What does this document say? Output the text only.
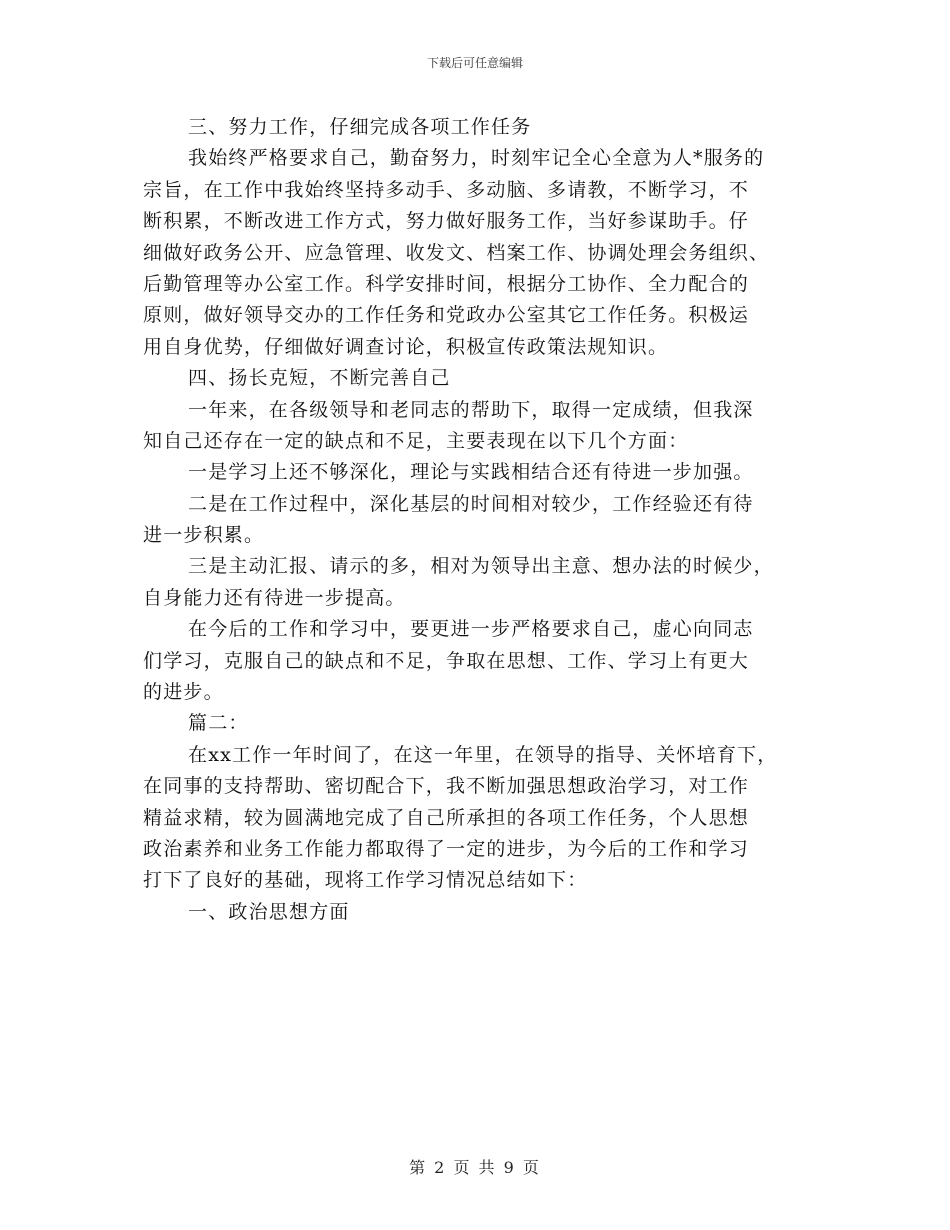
下载后可任意编辑
三、努力工作，仔细完成各项工作任务
我始终严格要求自己，勤奋努力，时刻牢记全心全意为人*服务的
宗旨，在工作中我始终坚持多动手、多动脑、多请教，不断学习，不
断积累，不断改进工作方式，努力做好服务工作，当好参谋助手。仔
细做好政务公开、应急管理、收发文、档案工作、协调处理会务组织、
后勤管理等办公室工作。科学安排时间，根据分工协作、全力配合的
原则，做好领导交办的工作任务和党政办公室其它工作任务。积极运
用自身优势，仔细做好调查讨论，积极宣传政策法规知识。
四、扬长克短，不断完善自己
一年来，在各级领导和老同志的帮助下，取得一定成绩，但我深
知自己还存在一定的缺点和不足，主要表现在以下几个方面：
一是学习上还不够深化，理论与实践相结合还有待进一步加强。
二是在工作过程中，深化基层的时间相对较少，工作经验还有待
进一步积累。
三是主动汇报、请示的多，相对为领导出主意、想办法的时候少，
自身能力还有待进一步提高。
在今后的工作和学习中，要更进一步严格要求自己，虚心向同志
们学习，克服自己的缺点和不足，争取在思想、工作、学习上有更大
的进步。
篇二：
在xx工作一年时间了，在这一年里，在领导的指导、关怀培育下，
在同事的支持帮助、密切配合下，我不断加强思想政治学习，对工作
精益求精，较为圆满地完成了自己所承担的各项工作任务，个人思想
政治素养和业务工作能力都取得了一定的进步，为今后的工作和学习
打下了良好的基础，现将工作学习情况总结如下：
一、政治思想方面
第 2 页 共 9 页
